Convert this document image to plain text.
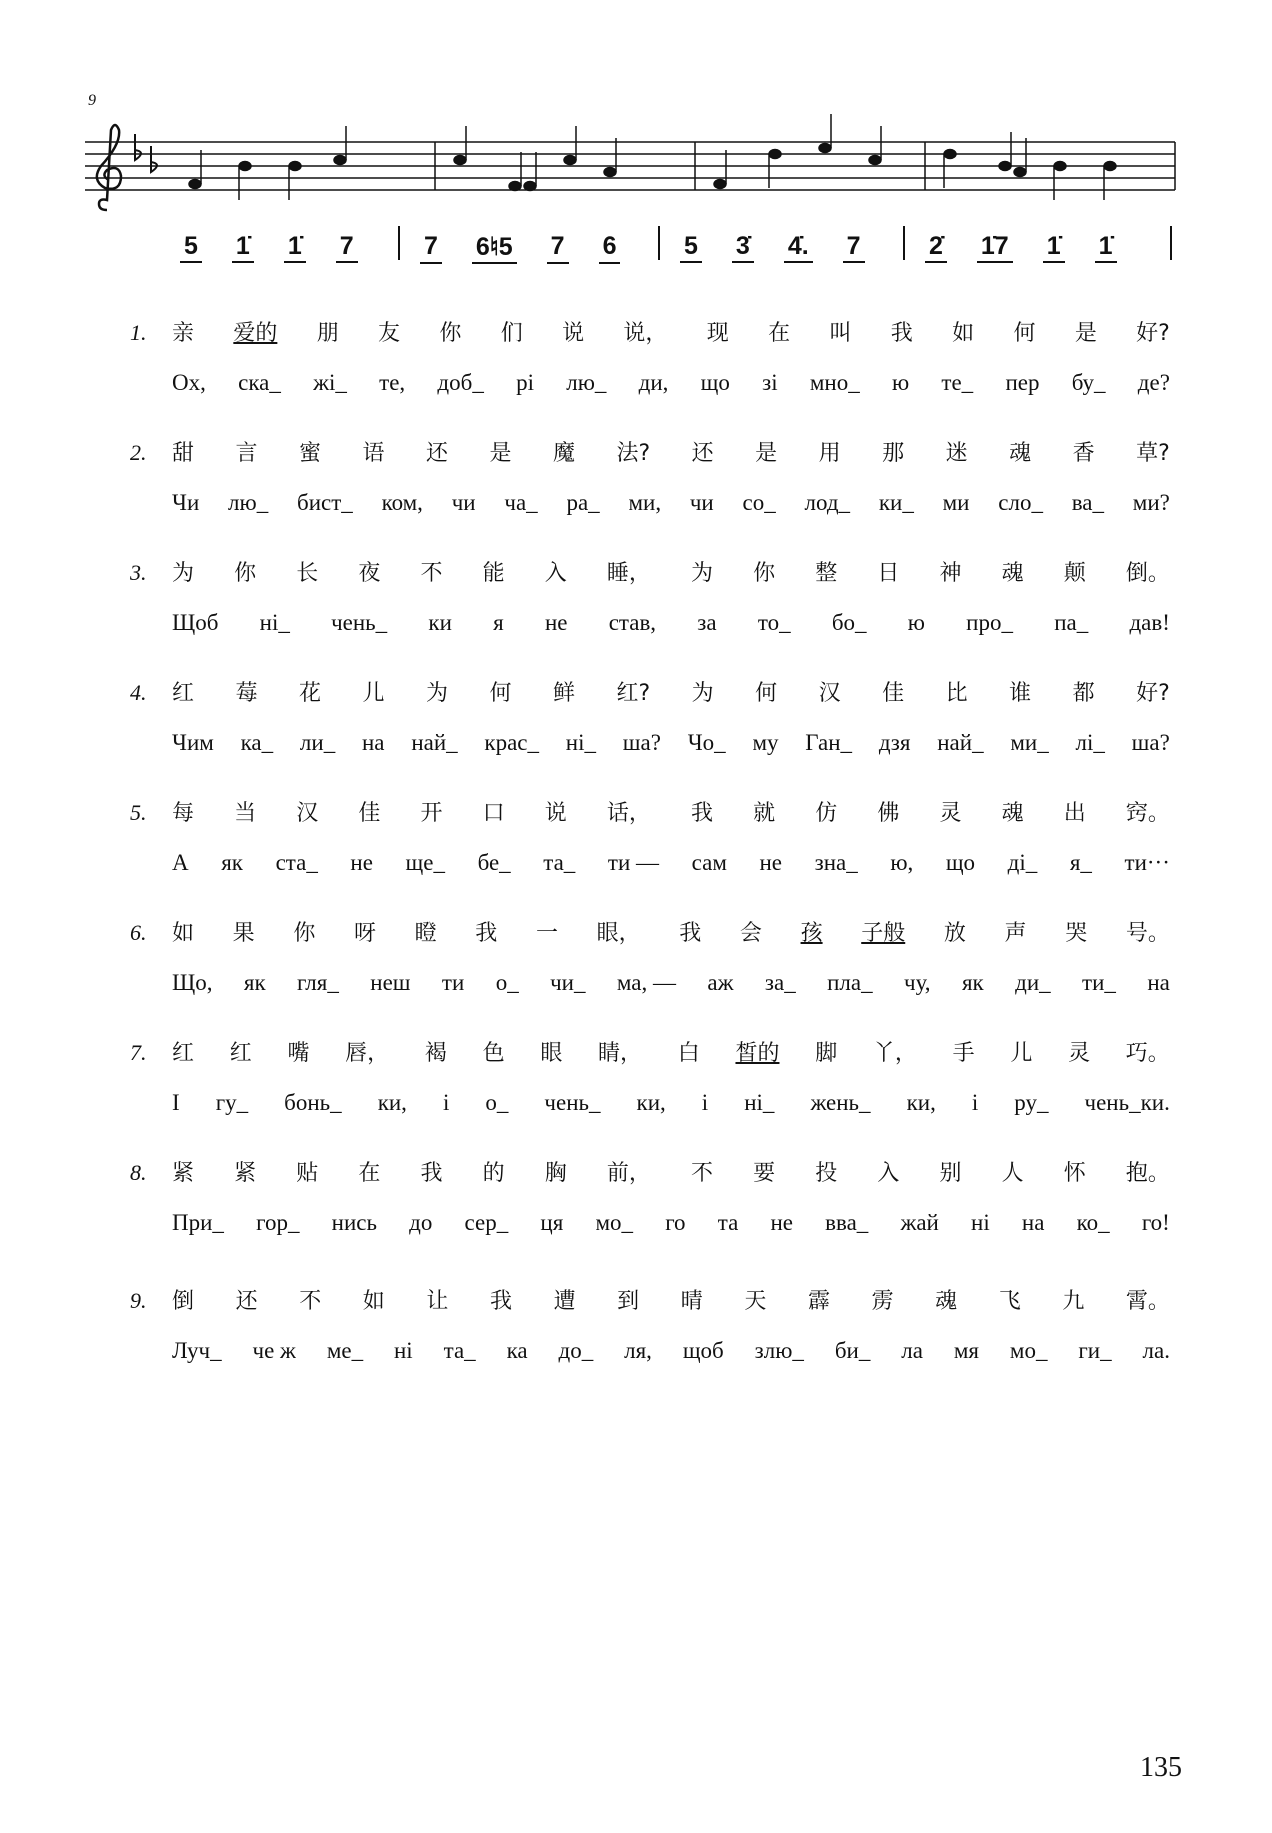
9
5 1̇ 1̇ 7	7 6♮5 7 6	5 3̇ 4̇. 7	2̇ 1̇7 1̇ 1̇
1. 亲 爱的 朋 友 你 们 说 说， 现 在 叫 我 如 何 是 好?
Ох, ска_ жі_ те, доб_ рі лю_ ди, що зі мно_ ю те_ пер бу_ де?
2. 甜 言 蜜 语 还 是 魔 法? 还 是 用 那 迷 魂 香 草?
Чи лю_ бист_ ком, чи ча_ ра_ ми, чи со_ лод_ ки_ ми сло_ ва_ ми?
3. 为 你 长 夜 不 能 入 睡， 为 你 整 日 神 魂 颠 倒。
Щоб ні_ чень_ ки я не став, за то_ бо_ ю про_ па_ дав!
4. 红 莓 花 儿 为 何 鲜 红? 为 何 汉 佳 比 谁 都 好?
Чим ка_ ли_ на най_ крас_ ні_ ша? Чо_ му Ган_ дзя най_ ми_ лі_ ша?
5. 每 当 汉 佳 开 口 说 话， 我 就 仿 佛 灵 魂 出 窍。
А як ста_ не ще_ бе_ та_ ти — сам не зна_ ю, що ді_ я_ ти···
6. 如 果 你 呀 瞪 我 一 眼， 我 会 孩 子般 放 声 哭 号。
Що, як гля_ неш ти о_ чи_ ма, — аж за_ пла_ чу, як ди_ ти_ на
7. 红 红 嘴 唇， 褐 色 眼 睛， 白 皙的 脚 丫， 手 儿 灵 巧。
І гу_ бонь_ ки, і о_ чень_ ки, і ні_ жень_ ки, і ру_ чень_ки.
8. 紧 紧 贴 在 我 的 胸 前， 不 要 投 入 别 人 怀 抱。
При_ гор_ нись до сер_ ця мо_ го та не вва_ жай ні на ко_ го!
9. 倒 还 不 如 让 我 遭 到 晴 天 霹 雳 魂 飞 九 霄。
Луч_ че ж ме_ ні та_ ка до_ ля, щоб злю_ би_ ла мя мо_ ги_ ла.
135
